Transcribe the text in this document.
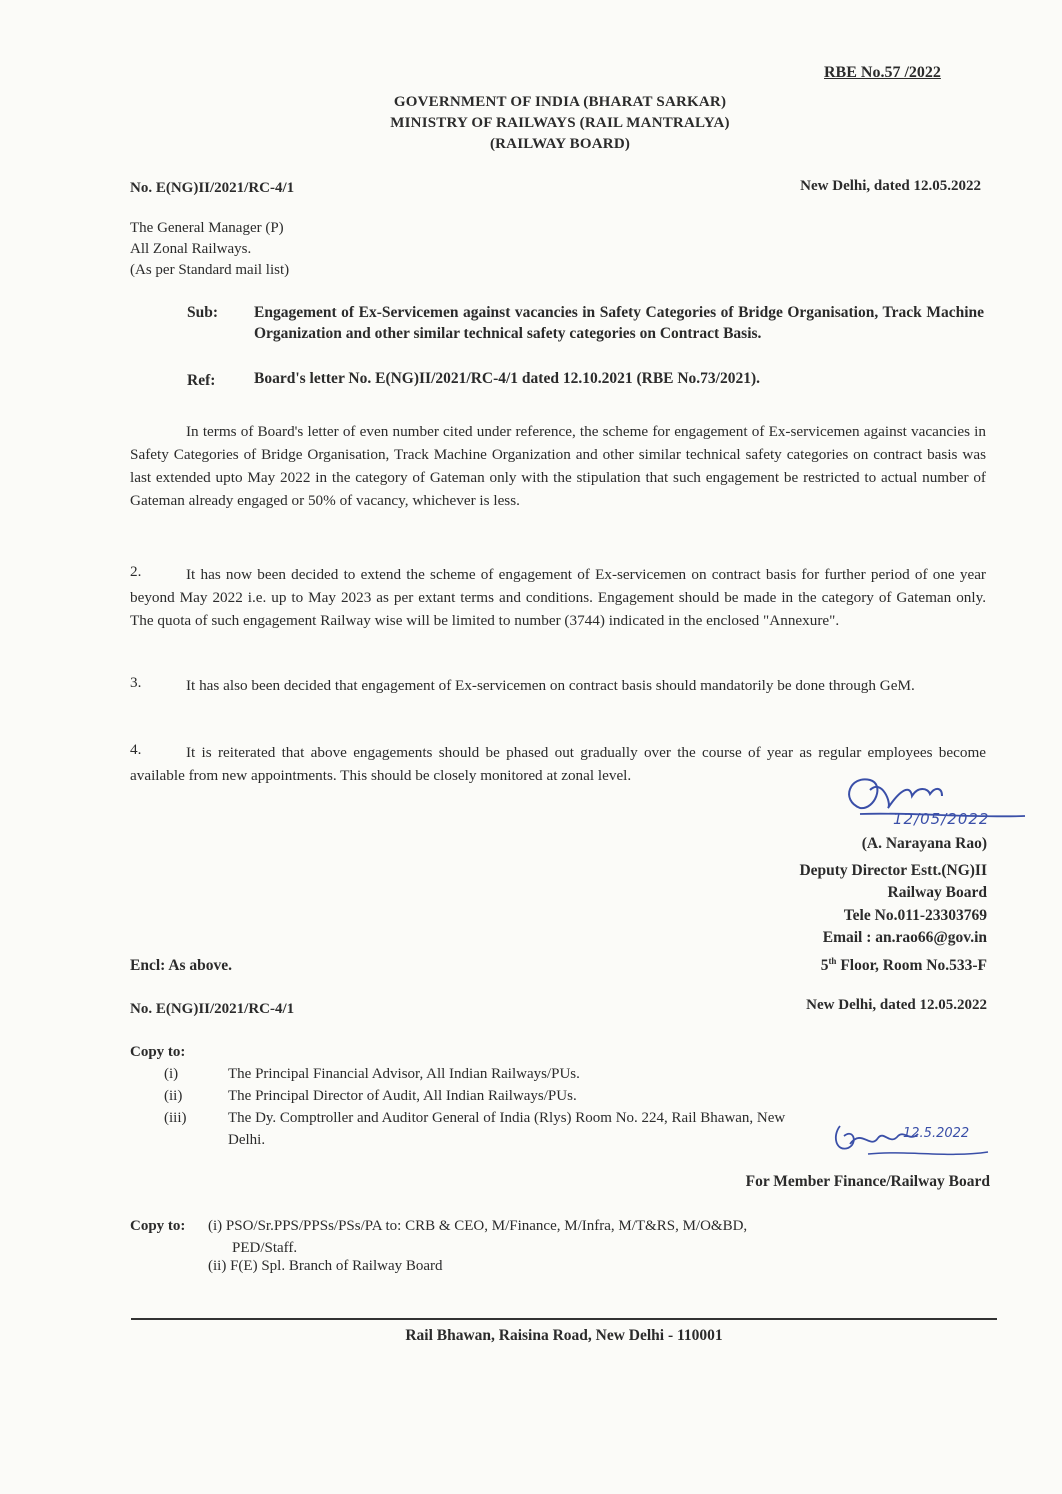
RBE No.57 /2022
GOVERNMENT OF INDIA (BHARAT SARKAR)
MINISTRY OF RAILWAYS (RAIL MANTRALYA)
(RAILWAY BOARD)
No. E(NG)II/2021/RC-4/1	New Delhi, dated 12.05.2022
The General Manager (P)
All Zonal Railways.
(As per Standard mail list)
Sub: Engagement of Ex-Servicemen against vacancies in Safety Categories of Bridge Organisation, Track Machine Organization and other similar technical safety categories on Contract Basis.
Ref: Board's letter No. E(NG)II/2021/RC-4/1 dated 12.10.2021 (RBE No.73/2021).
In terms of Board's letter of even number cited under reference, the scheme for engagement of Ex-servicemen against vacancies in Safety Categories of Bridge Organisation, Track Machine Organization and other similar technical safety categories on contract basis was last extended upto May 2022 in the category of Gateman only with the stipulation that such engagement be restricted to actual number of Gateman already engaged or 50% of vacancy, whichever is less.
2.	It has now been decided to extend the scheme of engagement of Ex-servicemen on contract basis for further period of one year beyond May 2022 i.e. up to May 2023 as per extant terms and conditions. Engagement should be made in the category of Gateman only. The quota of such engagement Railway wise will be limited to number (3744) indicated in the enclosed "Annexure".
3.	It has also been decided that engagement of Ex-servicemen on contract basis should mandatorily be done through GeM.
4.	It is reiterated that above engagements should be phased out gradually over the course of year as regular employees become available from new appointments. This should be closely monitored at zonal level.
12/05/2022
(A. Narayana Rao)
Deputy Director Estt.(NG)II
Railway Board
Tele No.011-23303769
Email : an.rao66@gov.in
5th Floor, Room No.533-F
Encl: As above.
No. E(NG)II/2021/RC-4/1	New Delhi, dated 12.05.2022
Copy to:
(i)	The Principal Financial Advisor, All Indian Railways/PUs.
(ii)	The Principal Director of Audit, All Indian Railways/PUs.
(iii)	The Dy. Comptroller and Auditor General of India (Rlys) Room No. 224, Rail Bhawan, New
Delhi.	12.5.2022
For Member Finance/Railway Board
Copy to: (i) PSO/Sr.PPS/PPSs/PSs/PA to: CRB & CEO, M/Finance, M/Infra, M/T&RS, M/O&BD,
PED/Staff.
(ii) F(E) Spl. Branch of Railway Board
Rail Bhawan, Raisina Road, New Delhi - 110001
